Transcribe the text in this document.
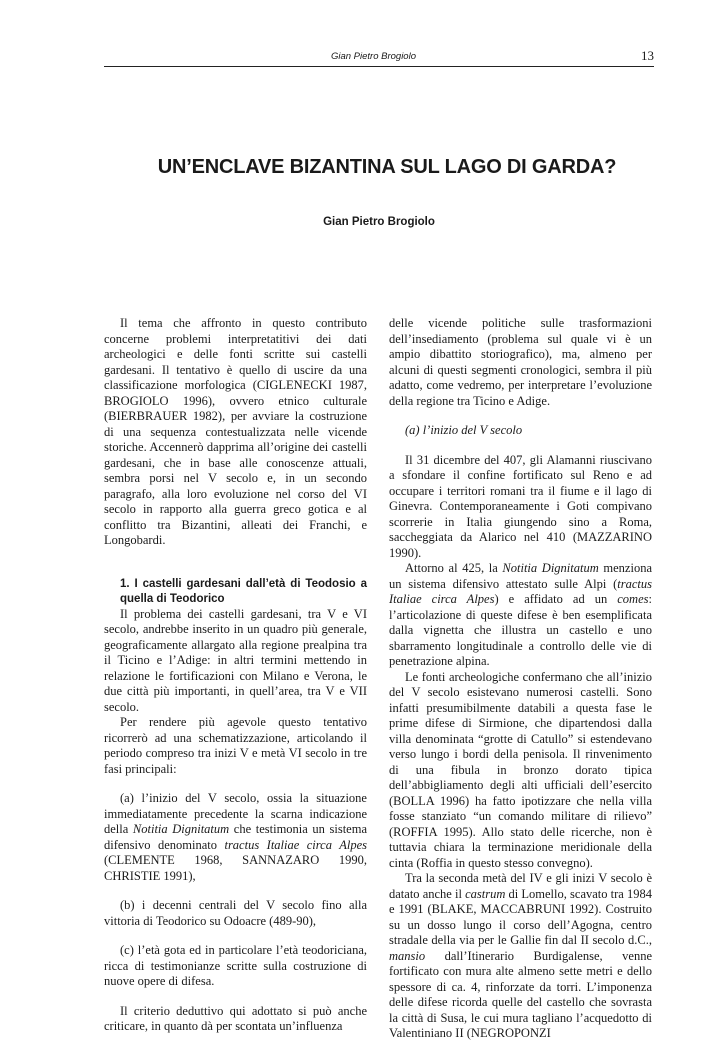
Gian Pietro Brogiolo	13
UN’ENCLAVE BIZANTINA SUL LAGO DI GARDA?
Gian Pietro Brogiolo

Il tema che affronto in questo contributo concerne problemi interpretatitivi dei dati archeologici e delle fonti scritte sui castelli gardesani. Il tentativo è quello di uscire da una classificazione morfologica (CIGLENECKI 1987, BROGIOLO 1996), ovvero etnico culturale (BIERBRAUER 1982), per avviare la costruzione di una sequenza contestualizzata nelle vicende storiche. Accennerò dapprima all’origine dei castelli gardesani, che in base alle conoscenze attuali, sembra porsi nel V secolo e, in un secondo paragrafo, alla loro evoluzione nel corso del VI secolo in rapporto alla guerra greco gotica e al conflitto tra Bizantini, alleati dei Franchi, e Longobardi.

1. I castelli gardesani dall’età di Teodosio a quella di Teodorico

Il problema dei castelli gardesani, tra V e VI secolo, andrebbe inserito in un quadro più generale, geograficamente allargato alla regione prealpina tra il Ticino e l’Adige: in altri termini mettendo in relazione le fortificazioni con Milano e Verona, le due città più importanti, in quell’area, tra V e VII secolo.

Per rendere più agevole questo tentativo ricorrerò ad una schematizzazione, articolando il periodo compreso tra inizi V e metà VI secolo in tre fasi principali:

(a) l’inizio del V secolo, ossia la situazione immediatamente precedente la scarna indicazione della Notitia Dignitatum che testimonia un sistema difensivo denominato tractus Italiae circa Alpes (CLEMENTE 1968, SANNAZARO 1990, CHRISTIE 1991),

(b) i decenni centrali del V secolo fino alla vittoria di Teodorico su Odoacre (489-90),

(c) l’età gota ed in particolare l’età teodoriciana, ricca di testimonianze scritte sulla costruzione di nuove opere di difesa.

Il criterio deduttivo qui adottato si può anche criticare, in quanto dà per scontata un’influenza

delle vicende politiche sulle trasformazioni dell’insediamento (problema sul quale vi è un ampio dibattito storiografico), ma, almeno per alcuni di questi segmenti cronologici, sembra il più adatto, come vedremo, per interpretare l’evoluzione della regione tra Ticino e Adige.

(a) l’inizio del V secolo

Il 31 dicembre del 407, gli Alamanni riuscivano a sfondare il confine fortificato sul Reno e ad occupare i territori romani tra il fiume e il lago di Ginevra. Contemporaneamente i Goti compivano scorrerie in Italia giungendo sino a Roma, saccheggiata da Alarico nel 410 (MAZZARINO 1990).

Attorno al 425, la Notitia Dignitatum menziona un sistema difensivo attestato sulle Alpi (tractus Italiae circa Alpes) e affidato ad un comes: l’articolazione di queste difese è ben esemplificata dalla vignetta che illustra un castello e uno sbarramento longitudinale a controllo delle vie di penetrazione alpina.

Le fonti archeologiche confermano che all’inizio del V secolo esistevano numerosi castelli. Sono infatti presumibilmente databili a questa fase le prime difese di Sirmione, che dipartendosi dalla villa denominata “grotte di Catullo” si estendevano verso lungo i bordi della penisola. Il rinvenimento di una fibula in bronzo dorato tipica dell’abbigliamento degli alti ufficiali dell’esercito (BOLLA 1996) ha fatto ipotizzare che nella villa fosse stanziato “un comando militare di rilievo” (ROFFIA 1995). Allo stato delle ricerche, non è tuttavia chiara la terminazione meridionale della cinta (Roffia in questo stesso convegno).

Tra la seconda metà del IV e gli inizi V secolo è datato anche il castrum di Lomello, scavato tra 1984 e 1991 (BLAKE, MACCABRUNI 1992). Costruito su un dosso lungo il corso dell’Agogna, centro stradale della via per le Gallie fin dal II secolo d.C., mansio dall’Itinerario Burdigalense, venne fortificato con mura alte almeno sette metri e dello spessore di ca. 4, rinforzate da torri. L’imponenza delle difese ricorda quelle del castello che sovrasta la città di Susa, le cui mura tagliano l’acquedotto di Valentiniano II (NEGROPONZI
